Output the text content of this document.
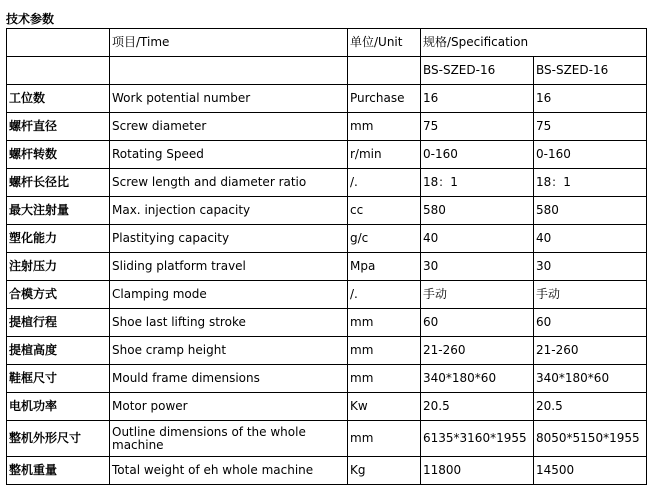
技术参数
	项目/Time	单位/Unit	规格/Specification	
			BS-SZED-16	BS-SZED-16
工位数	Work potential number	Purchase	16	16
螺杆直径	Screw diameter	mm	75	75
螺杆转数	Rotating Speed	r/min	0-160	0-160
螺杆长径比	Screw length and diameter ratio	/.	18：1	18：1
最大注射量	Max. injection capacity	cc	580	580
塑化能力	Plastitying capacity	g/c	40	40
注射压力	Sliding platform travel	Mpa	30	30
合模方式	Clamping mode	/.	手动	手动
提楦行程	Shoe last lifting stroke	mm	60	60
提楦高度	Shoe cramp height	mm	21-260	21-260
鞋框尺寸	Mould frame dimensions	mm	340*180*60	340*180*60
电机功率	Motor power	Kw	20.5	20.5
整机外形尺寸	Outline dimensions of the whole machine	mm	6135*3160*1955	8050*5150*1955
整机重量	Total weight of eh whole machine	Kg	11800	14500
